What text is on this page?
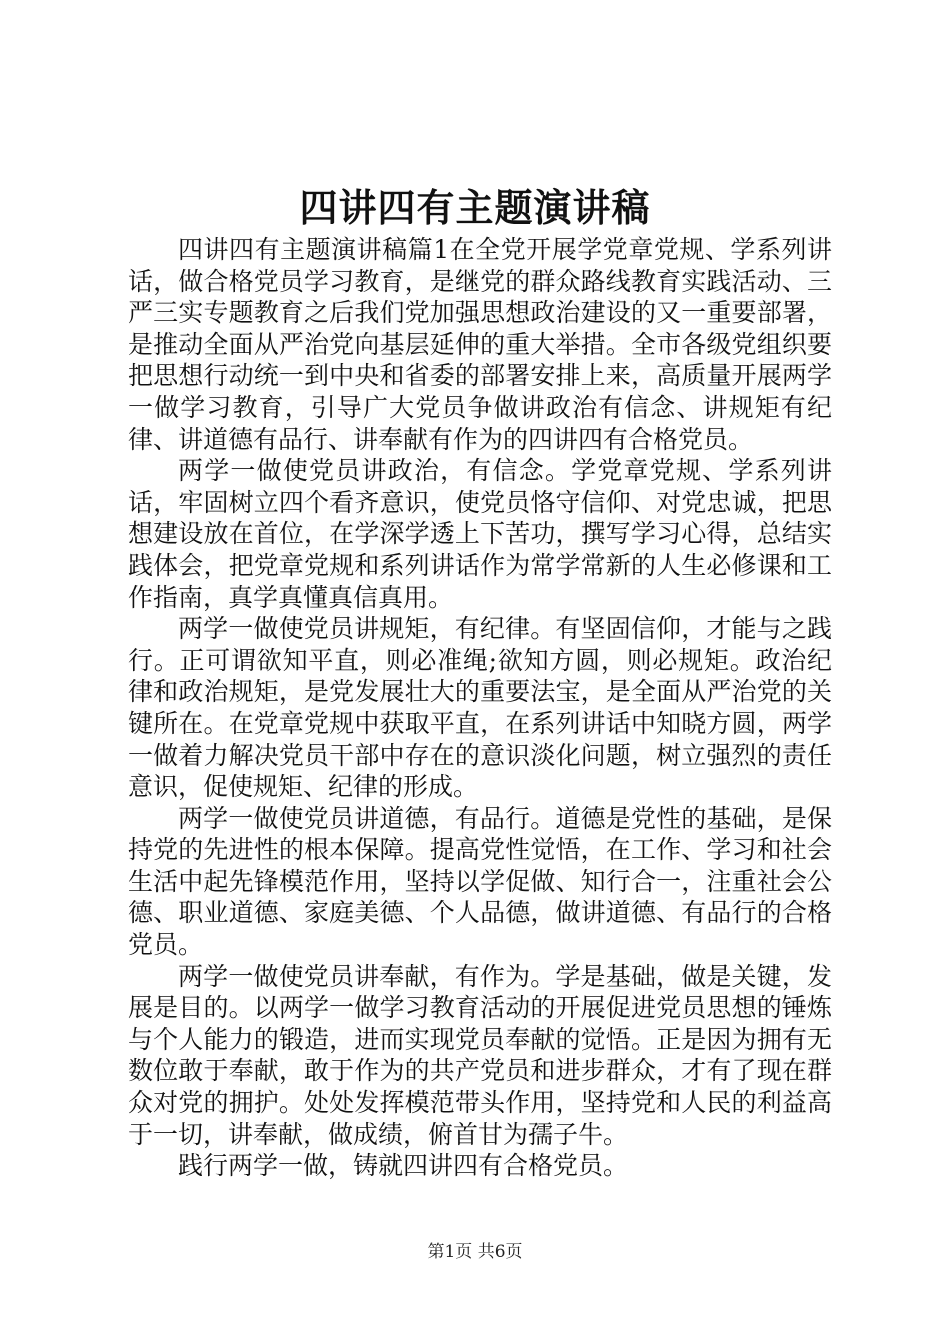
四讲四有主题演讲稿

四讲四有主题演讲稿篇1在全党开展学党章党规、学系列讲话，做合格党员学习教育，是继党的群众路线教育实践活动、三严三实专题教育之后我们党加强思想政治建设的又一重要部署，是推动全面从严治党向基层延伸的重大举措。全市各级党组织要把思想行动统一到中央和省委的部署安排上来，高质量开展两学一做学习教育，引导广大党员争做讲政治有信念、讲规矩有纪律、讲道德有品行、讲奉献有作为的四讲四有合格党员。

两学一做使党员讲政治，有信念。学党章党规、学系列讲话，牢固树立四个看齐意识，使党员恪守信仰、对党忠诚，把思想建设放在首位，在学深学透上下苦功，撰写学习心得，总结实践体会，把党章党规和系列讲话作为常学常新的人生必修课和工作指南，真学真懂真信真用。

两学一做使党员讲规矩，有纪律。有坚固信仰，才能与之践行。正可谓欲知平直，则必准绳;欲知方圆，则必规矩。政治纪律和政治规矩，是党发展壮大的重要法宝，是全面从严治党的关键所在。在党章党规中获取平直，在系列讲话中知晓方圆，两学一做着力解决党员干部中存在的意识淡化问题，树立强烈的责任意识，促使规矩、纪律的形成。

两学一做使党员讲道德，有品行。道德是党性的基础，是保持党的先进性的根本保障。提高党性觉悟，在工作、学习和社会生活中起先锋模范作用，坚持以学促做、知行合一，注重社会公德、职业道德、家庭美德、个人品德，做讲道德、有品行的合格党员。

两学一做使党员讲奉献，有作为。学是基础，做是关键，发展是目的。以两学一做学习教育活动的开展促进党员思想的锤炼与个人能力的锻造，进而实现党员奉献的觉悟。正是因为拥有无数位敢于奉献，敢于作为的共产党员和进步群众，才有了现在群众对党的拥护。处处发挥模范带头作用，坚持党和人民的利益高于一切，讲奉献，做成绩，俯首甘为孺子牛。

践行两学一做，铸就四讲四有合格党员。

第1页 共6页
